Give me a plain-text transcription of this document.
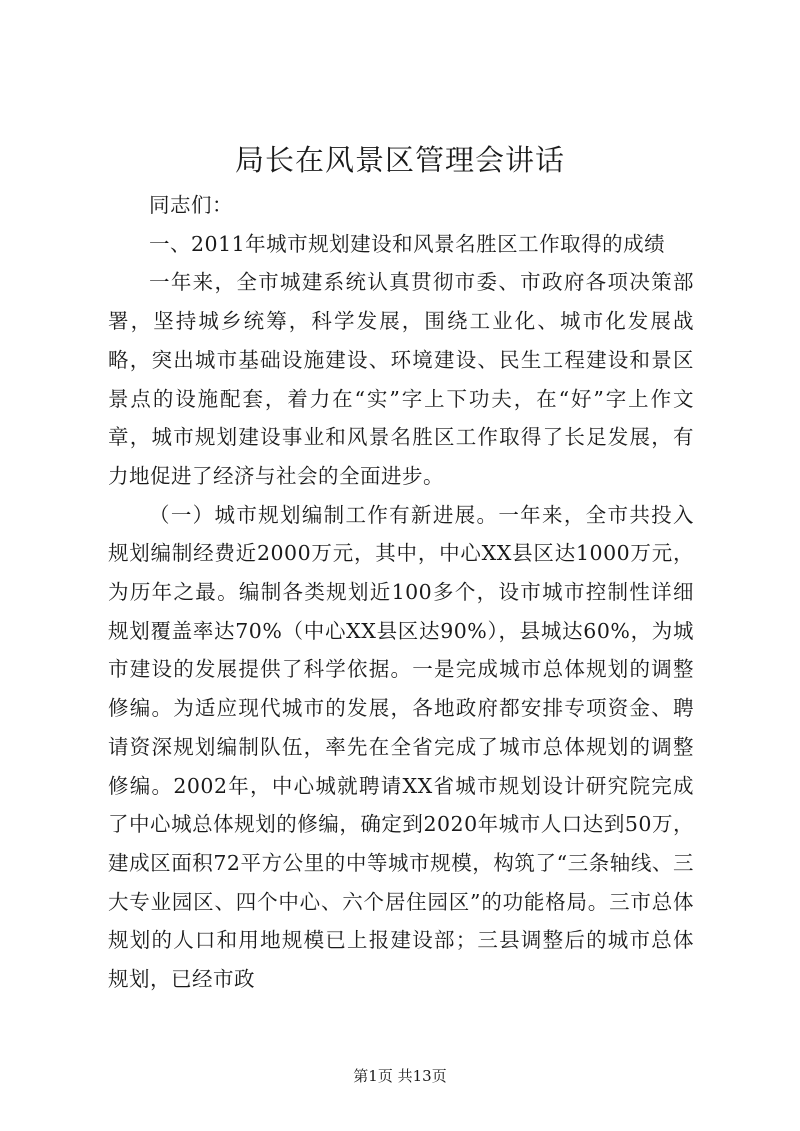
局长在风景区管理会讲话

同志们：

一、2011年城市规划建设和风景名胜区工作取得的成绩

一年来，全市城建系统认真贯彻市委、市政府各项决策部署，坚持城乡统筹，科学发展，围绕工业化、城市化发展战略，突出城市基础设施建设、环境建设、民生工程建设和景区景点的设施配套，着力在“实”字上下功夫，在“好”字上作文章，城市规划建设事业和风景名胜区工作取得了长足发展，有力地促进了经济与社会的全面进步。

（一）城市规划编制工作有新进展。一年来，全市共投入规划编制经费近2000万元，其中，中心XX县区达1000万元，为历年之最。编制各类规划近100多个，设市城市控制性详细规划覆盖率达70%（中心XX县区达90%），县城达60%，为城市建设的发展提供了科学依据。一是完成城市总体规划的调整修编。为适应现代城市的发展，各地政府都安排专项资金、聘请资深规划编制队伍，率先在全省完成了城市总体规划的调整修编。2002年，中心城就聘请XX省城市规划设计研究院完成了中心城总体规划的修编，确定到2020年城市人口达到50万，建成区面积72平方公里的中等城市规模，构筑了“三条轴线、三大专业园区、四个中心、六个居住园区”的功能格局。三市总体规划的人口和用地规模已上报建设部；三县调整后的城市总体规划，已经市政

第1页 共13页
